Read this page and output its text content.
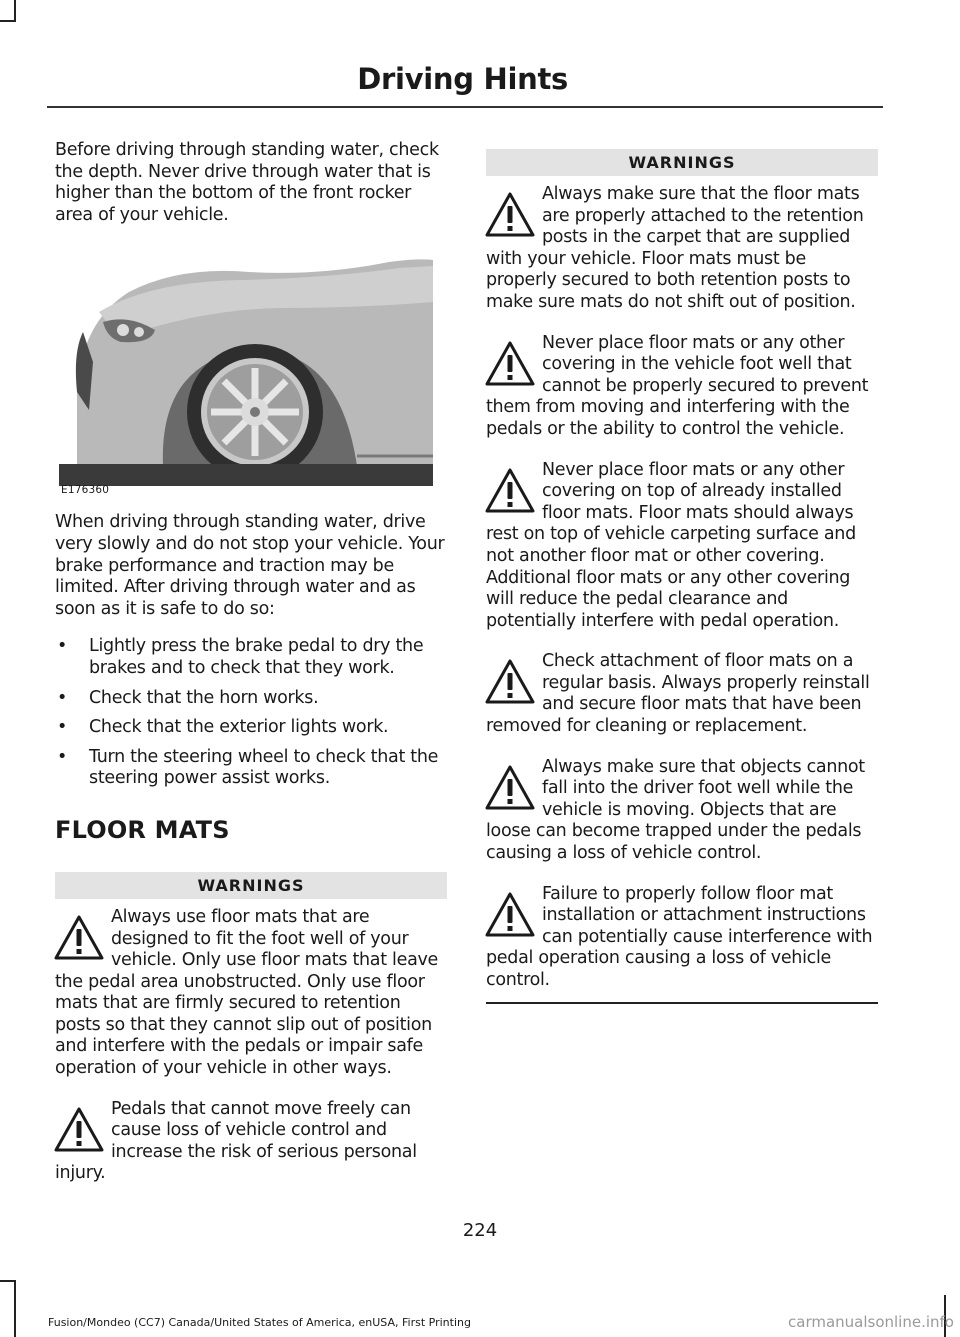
Driving Hints

Before driving through standing water, check the depth. Never drive through water that is higher than the bottom of the front rocker area of your vehicle.

E176360

When driving through standing water, drive very slowly and do not stop your vehicle. Your brake performance and traction may be limited. After driving through water and as soon as it is safe to do so:

• Lightly press the brake pedal to dry the brakes and to check that they work.
• Check that the horn works.
• Check that the exterior lights work.
• Turn the steering wheel to check that the steering power assist works.
FLOOR MATS
WARNINGS
Always use floor mats that are designed to fit the foot well of your vehicle. Only use floor mats that leave the pedal area unobstructed. Only use floor mats that are firmly secured to retention posts so that they cannot slip out of position and interfere with the pedals or impair safe operation of your vehicle in other ways.
Pedals that cannot move freely can cause loss of vehicle control and increase the risk of serious personal injury.
WARNINGS
Always make sure that the floor mats are properly attached to the retention posts in the carpet that are supplied with your vehicle. Floor mats must be properly secured to both retention posts to make sure mats do not shift out of position.
Never place floor mats or any other covering in the vehicle foot well that cannot be properly secured to prevent them from moving and interfering with the pedals or the ability to control the vehicle.
Never place floor mats or any other covering on top of already installed floor mats. Floor mats should always rest on top of vehicle carpeting surface and not another floor mat or other covering. Additional floor mats or any other covering will reduce the pedal clearance and potentially interfere with pedal operation.
Check attachment of floor mats on a regular basis. Always properly reinstall and secure floor mats that have been removed for cleaning or replacement.
Always make sure that objects cannot fall into the driver foot well while the vehicle is moving. Objects that are loose can become trapped under the pedals causing a loss of vehicle control.
Failure to properly follow floor mat installation or attachment instructions can potentially cause interference with pedal operation causing a loss of vehicle control.
224
Fusion/Mondeo (CC7) Canada/United States of America, enUSA, First Printing	carmanualsonline.info
